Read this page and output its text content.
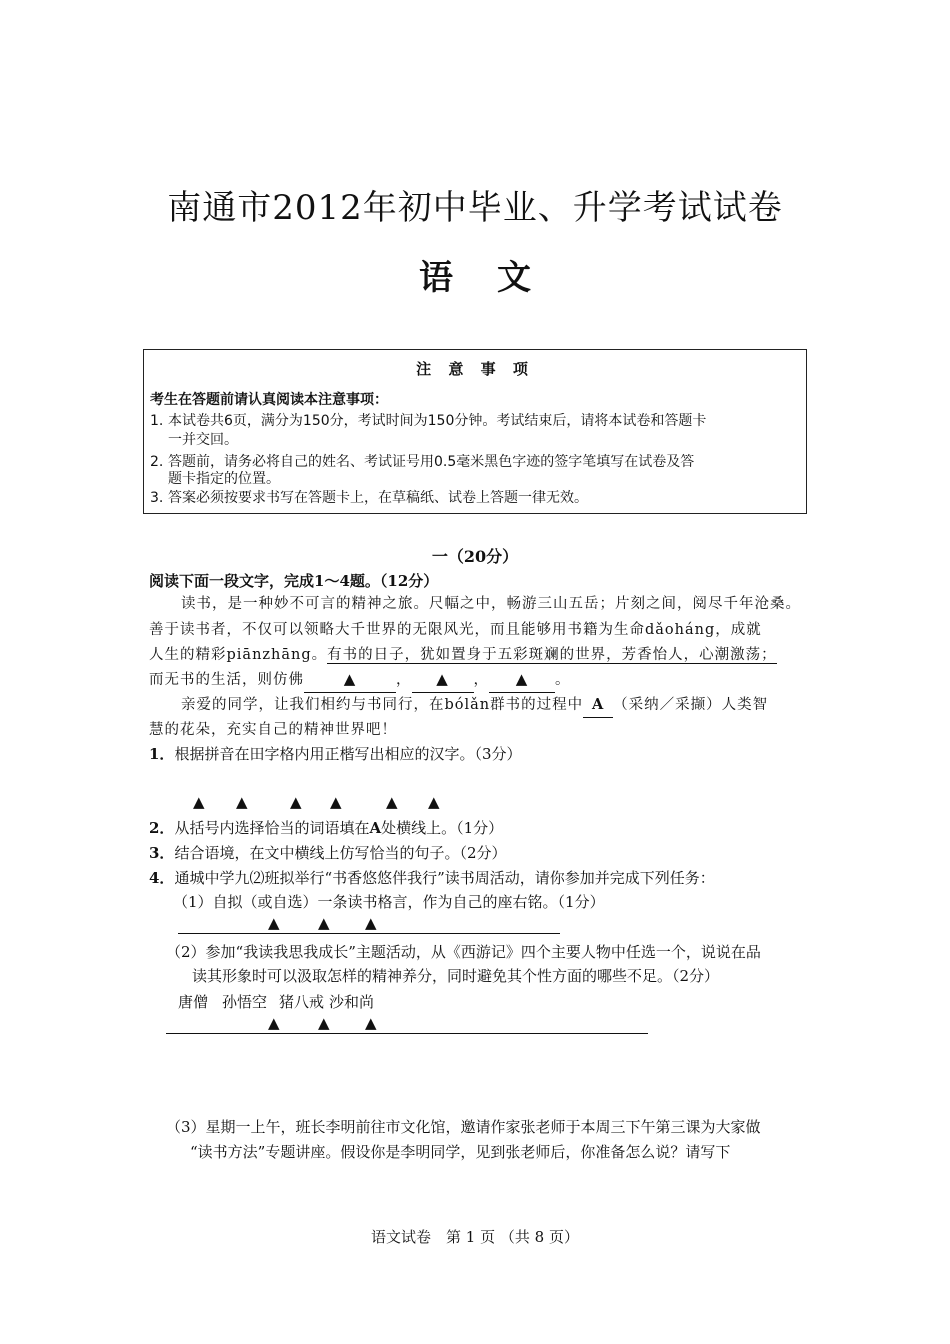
南通市2012年初中毕业、升学考试试卷
语 文
注 意 事 项
考生在答题前请认真阅读本注意事项：
1. 本试卷共6页，满分为150分，考试时间为150分钟。考试结束后，请将本试卷和答题卡
一并交回。
2. 答题前，请务必将自己的姓名、考试证号用0.5毫米黑色字迹的签字笔填写在试卷及答
题卡指定的位置。
3. 答案必须按要求书写在答题卡上，在草稿纸、试卷上答题一律无效。
一（20分）
阅读下面一段文字，完成1～4题。（12分）
读书，是一种妙不可言的精神之旅。尺幅之中，畅游三山五岳；片刻之间，阅尽千年沧桑。
善于读书者，不仅可以领略大千世界的无限风光，而且能够用书籍为生命dǎoháng，成就
人生的精彩piānzhāng。有书的日子，犹如置身于五彩斑斓的世界，芳香怡人，心潮激荡；
而无书的生活，则仿佛	▲	， ▲ ， ▲ 。
亲爱的同学，让我们相约与书同行，在bólǎn群书的过程中 A （采纳／采撷）人类智
慧的花朵，充实自己的精神世界吧！
1．根据拼音在田字格内用正楷写出相应的汉字。（3分）
▲ ▲	▲ ▲	▲ ▲
2．从括号内选择恰当的词语填在A处横线上。（1分）
3．结合语境，在文中横线上仿写恰当的句子。（2分）
4．通城中学九⑵班拟举行“书香悠悠伴我行”读书周活动，请你参加并完成下列任务：
（1）自拟（或自选）一条读书格言，作为自己的座右铭。（1分）
▲	▲ ▲
（2）参加“我读我思我成长”主题活动，从《西游记》四个主要人物中任选一个，说说在品
读其形象时可以汲取怎样的精神养分，同时避免其个性方面的哪些不足。（2分）
唐僧 孙悟空 猪八戒 沙和尚
▲	▲ ▲
（3）星期一上午，班长李明前往市文化馆，邀请作家张老师于本周三下午第三课为大家做
“读书方法”专题讲座。假设你是李明同学，见到张老师后，你准备怎么说？请写下
语文试卷　第 1 页 （共 8 页）
